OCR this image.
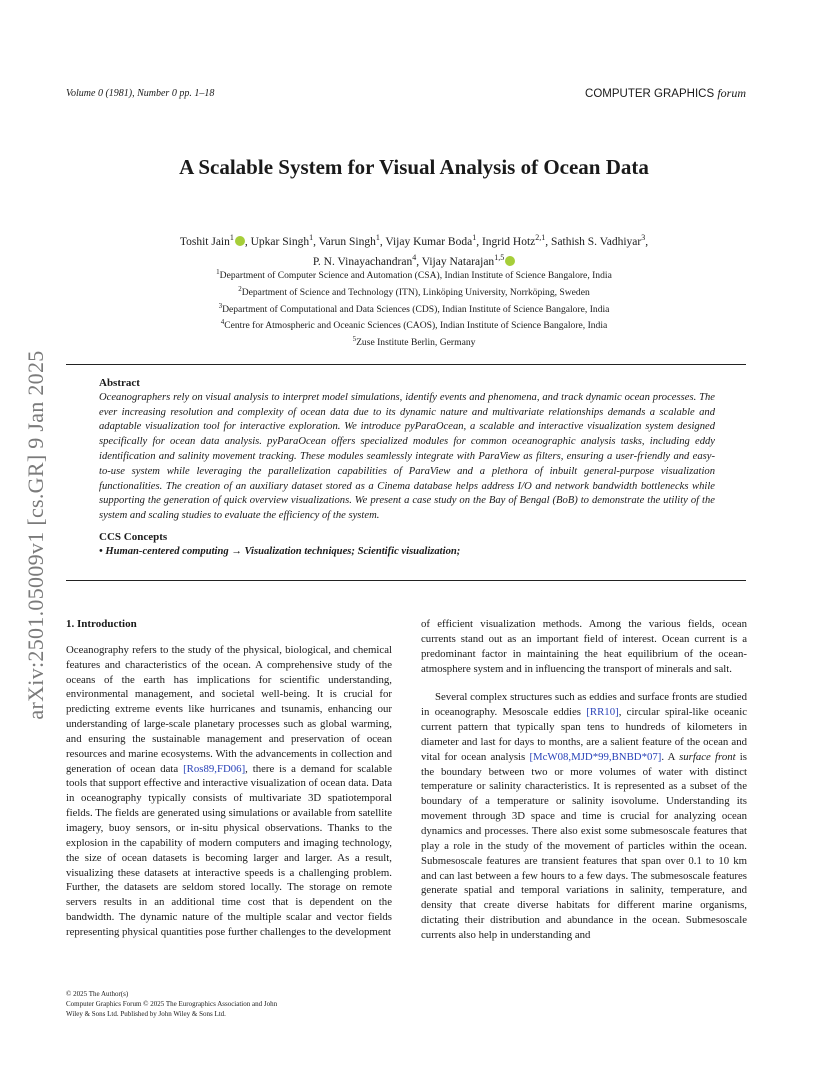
Volume 0 (1981), Number 0 pp. 1–18	COMPUTER GRAPHICS forum
arXiv:2501.05009v1 [cs.GR] 9 Jan 2025
A Scalable System for Visual Analysis of Ocean Data
Toshit Jain$^1$ , Upkar Singh$^1$, Varun Singh$^1$, Vijay Kumar Boda$^1$, Ingrid Hotz$^{2,1}$, Sathish S. Vadhiyar$^3$,
P. N. Vinayachandran$^4$, Vijay Natarajan$^{1,5}$
$^1$Department of Computer Science and Automation (CSA), Indian Institute of Science Bangalore, India
$^2$Department of Science and Technology (ITN), Linköping University, Norrköping, Sweden
$^3$Department of Computational and Data Sciences (CDS), Indian Institute of Science Bangalore, India
$^4$Centre for Atmospheric and Oceanic Sciences (CAOS), Indian Institute of Science Bangalore, India
$^5$Zuse Institute Berlin, Germany
Abstract

Oceanographers rely on visual analysis to interpret model simulations, identify events and phenomena, and track dynamic ocean processes. The ever increasing resolution and complexity of ocean data due to its dynamic nature and multivariate relationships demands a scalable and adaptable visualization tool for interactive exploration. We introduce pyParaOcean, a scalable and interactive visualization system designed specifically for ocean data analysis. pyParaOcean offers specialized modules for common oceanographic analysis tasks, including eddy identification and salinity movement tracking. These modules seamlessly integrate with ParaView as filters, ensuring a user-friendly and easy-to-use system while leveraging the parallelization capabilities of ParaView and a plethora of inbuilt general-purpose visualization functionalities. The creation of an auxiliary dataset stored as a Cinema database helps address I/O and network bandwidth bottlenecks while supporting the generation of quick overview visualizations. We present a case study on the Bay of Bengal (BoB) to demonstrate the utility of the system and scaling studies to evaluate the efficiency of the system.

CCS Concepts
• Human-centered computing → Visualization techniques; Scientific visualization;
1. Introduction

Oceanography refers to the study of the physical, biological, and chemical features and characteristics of the ocean. A comprehensive study of the oceans of the earth has implications for scientific understanding, environmental management, and societal well-being. It is crucial for predicting extreme events like hurricanes and tsunamis, enhancing our understanding of large-scale planetary processes such as global warming, and ensuring the sustainable management and preservation of ocean resources and marine ecosystems. With the advancements in collection and generation of ocean data [Ros89,FD06], there is a demand for scalable tools that support effective and interactive visualization of ocean data. Data in oceanography typically consists of multivariate 3D spatiotemporal fields. The fields are generated using simulations or available from satellite imagery, buoy sensors, or in-situ physical observations. Thanks to the explosion in the capability of modern computers and imaging technology, the size of ocean datasets is becoming larger and larger. As a result, visualizing these datasets at interactive speeds is a challenging problem. Further, the datasets are seldom stored locally. The storage on remote servers results in an additional time cost that is dependent on the bandwidth. The dynamic nature of the multiple scalar and vector fields representing physical quantities pose further challenges to the development

of efficient visualization methods. Among the various fields, ocean currents stand out as an important field of interest. Ocean current is a predominant factor in maintaining the heat equilibrium of the ocean-atmosphere system and in influencing the transport of minerals and salt.

Several complex structures such as eddies and surface fronts are studied in oceanography. Mesoscale eddies [RR10], circular spiral-like oceanic current pattern that typically span tens to hundreds of kilometers in diameter and last for days to months, are a salient feature of the ocean and vital for ocean analysis [McW08,MJD*99,BNBD*07]. A surface front is the boundary between two or more volumes of water with distinct temperature or salinity characteristics. It is represented as a subset of the boundary of a temperature or salinity isovolume. Understanding its movement through 3D space and time is crucial for analyzing ocean dynamics and processes. There also exist some submesoscale features that play a role in the study of the movement of particles within the ocean. Submesoscale features are transient features that span over 0.1 to 10 km and can last between a few hours to a few days. The submesoscale features generate spatial and temporal variations in salinity, temperature, and density that create diverse habitats for different marine organisms, dictating their distribution and abundance in the ocean. Submesoscale currents also help in understanding and

© 2025 The Author(s)
Computer Graphics Forum © 2025 The Eurographics Association and John
Wiley & Sons Ltd. Published by John Wiley & Sons Ltd.
